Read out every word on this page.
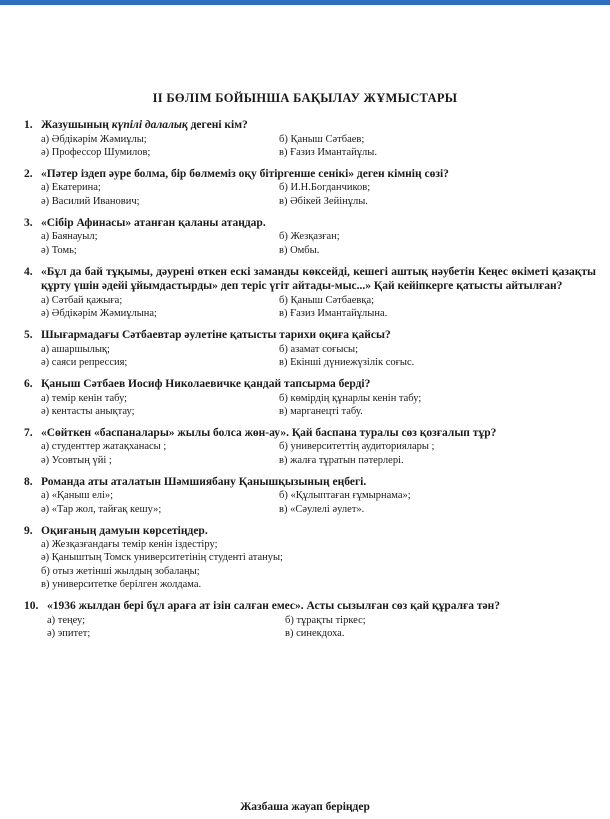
II БӨЛІМ БОЙЫНША БАҚЫЛАУ ЖҰМЫСТАРЫ
1. Жазушының күпілі далалық дегені кім?
а) Әбдікәрім Жәмиұлы;	б) Қаныш Сәтбаев;
ә) Профессор Шумилов;	в) Ғазиз Имантайұлы.
2. «Пәтер іздеп әуре болма, бір бөлмеміз оқу бітіргенше сенікі» деген кімнің сөзі?
а) Екатерина;	б) И.Н.Богданчиков;
ә) Василий Иванович;	в) Әбікей Зейінұлы.
3. «Сібір Афинасы» атанған қаланы атаңдар.
а) Баянауыл;	б) Жезқазған;
ә) Томь;	в) Омбы.
4. «Бұл да бай тұқымы, дәурені өткен ескі заманды көксейді, кешегі аштық нәубетін Кеңес өкіметі қазақты құрту үшін әдейі ұйымдастырды» деп теріс үгіт айтады-мыс...» Қай кейіпкерге қатысты айтылған?
а) Сәтбай қажыға;	б) Қаныш Сәтбаевқа;
ә) Әбдікәрім Жәмиұлына;	в) Ғазиз Имантайұлына.
5. Шығармадағы Сәтбаевтар әулетіне қатысты тарихи оқиға қайсы?
а) ашаршылық;	б) азамат соғысы;
ә) саяси репрессия;	в) Екінші дүниежүзілік соғыс.
6. Қаныш Сәтбаев Иосиф Николаевичке қандай тапсырма берді?
а) темір кенін табу;	б) көмірдің құнарлы кенін табу;
ә) кентасты анықтау;	в) марганецті табу.
7. «Сөйткен «баспаналары» жылы болса жөн-ау». Қай баспана туралы сөз қозғалып тұр?
а) студенттер жатақханасы ;	б) университеттің аудиториялары ;
ә) Усовтың үйі ;	в) жалға тұратын пәтерлері.
8. Романда аты аталатын Шәмшиябану Қанышқызының еңбегі.
а) «Қаныш елі»;	б) «Құлыптаған ғұмырнама»;
ә) «Тар жол, тайғақ кешу»;	в) «Сәулелі әулет».
9. Оқиғаның дамуын көрсетіңдер.
а) Жезқазғандағы темір кенін іздестіру;
ә) Қаныштың Томск университетінің студенті атануы;
б) отыз жетінші жылдың зобалаңы;
в) университетке берілген жолдама.
10. «1936 жылдан бері бұл араға ат ізін салған емес». Асты сызылған сөз қай құралға тән?
а) теңеу;	б) тұрақты тіркес;
ә) эпитет;	в) синекдоха.
Жазбаша жауап беріңдер
